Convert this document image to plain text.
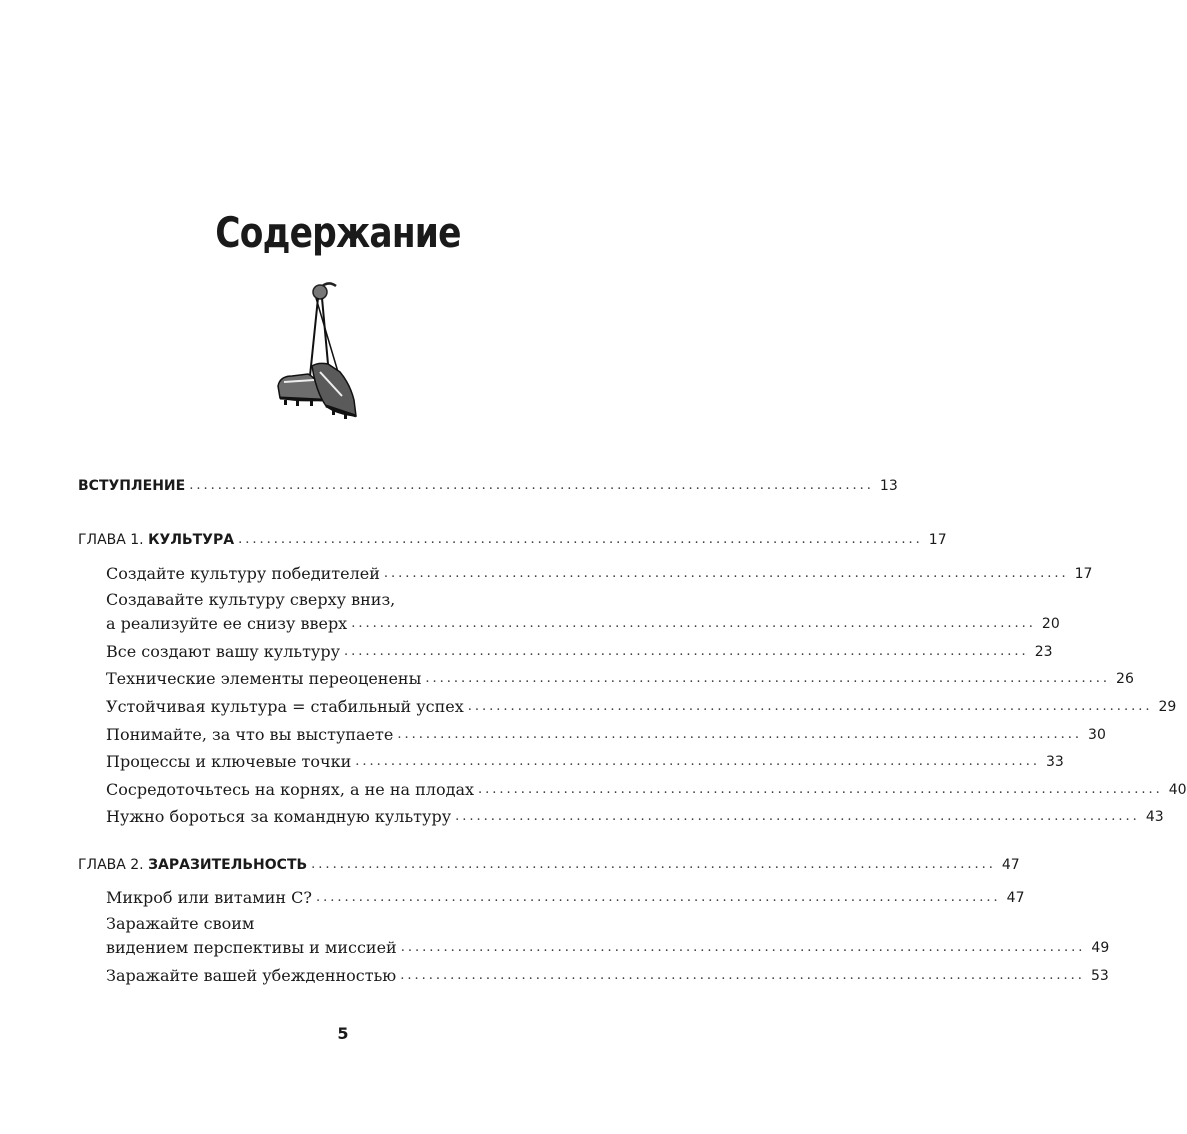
Содержание
ВСТУПЛЕНИЕ ................................................................................................ 13
ГЛАВА 1. КУЛЬТУРА ................................................................................................ 17
Создайте культуру победителей ................................................................................................ 17
Создавайте культуру сверху вниз,
а реализуйте ее снизу вверх ................................................................................................ 20
Все создают вашу культуру ................................................................................................ 23
Технические элементы переоценены ................................................................................................ 26
Устойчивая культура = стабильный успех ................................................................................................ 29
Понимайте, за что вы выступаете ................................................................................................ 30
Процессы и ключевые точки ................................................................................................ 33
Сосредоточьтесь на корнях, а не на плодах ................................................................................................ 40
Нужно бороться за командную культуру ................................................................................................ 43
ГЛАВА 2. ЗАРАЗИТЕЛЬНОСТЬ ................................................................................................ 47
Микроб или витамин С? ................................................................................................ 47
Заражайте своим
видением перспективы и миссией ................................................................................................ 49
Заражайте вашей убежденностью ................................................................................................ 53
5
